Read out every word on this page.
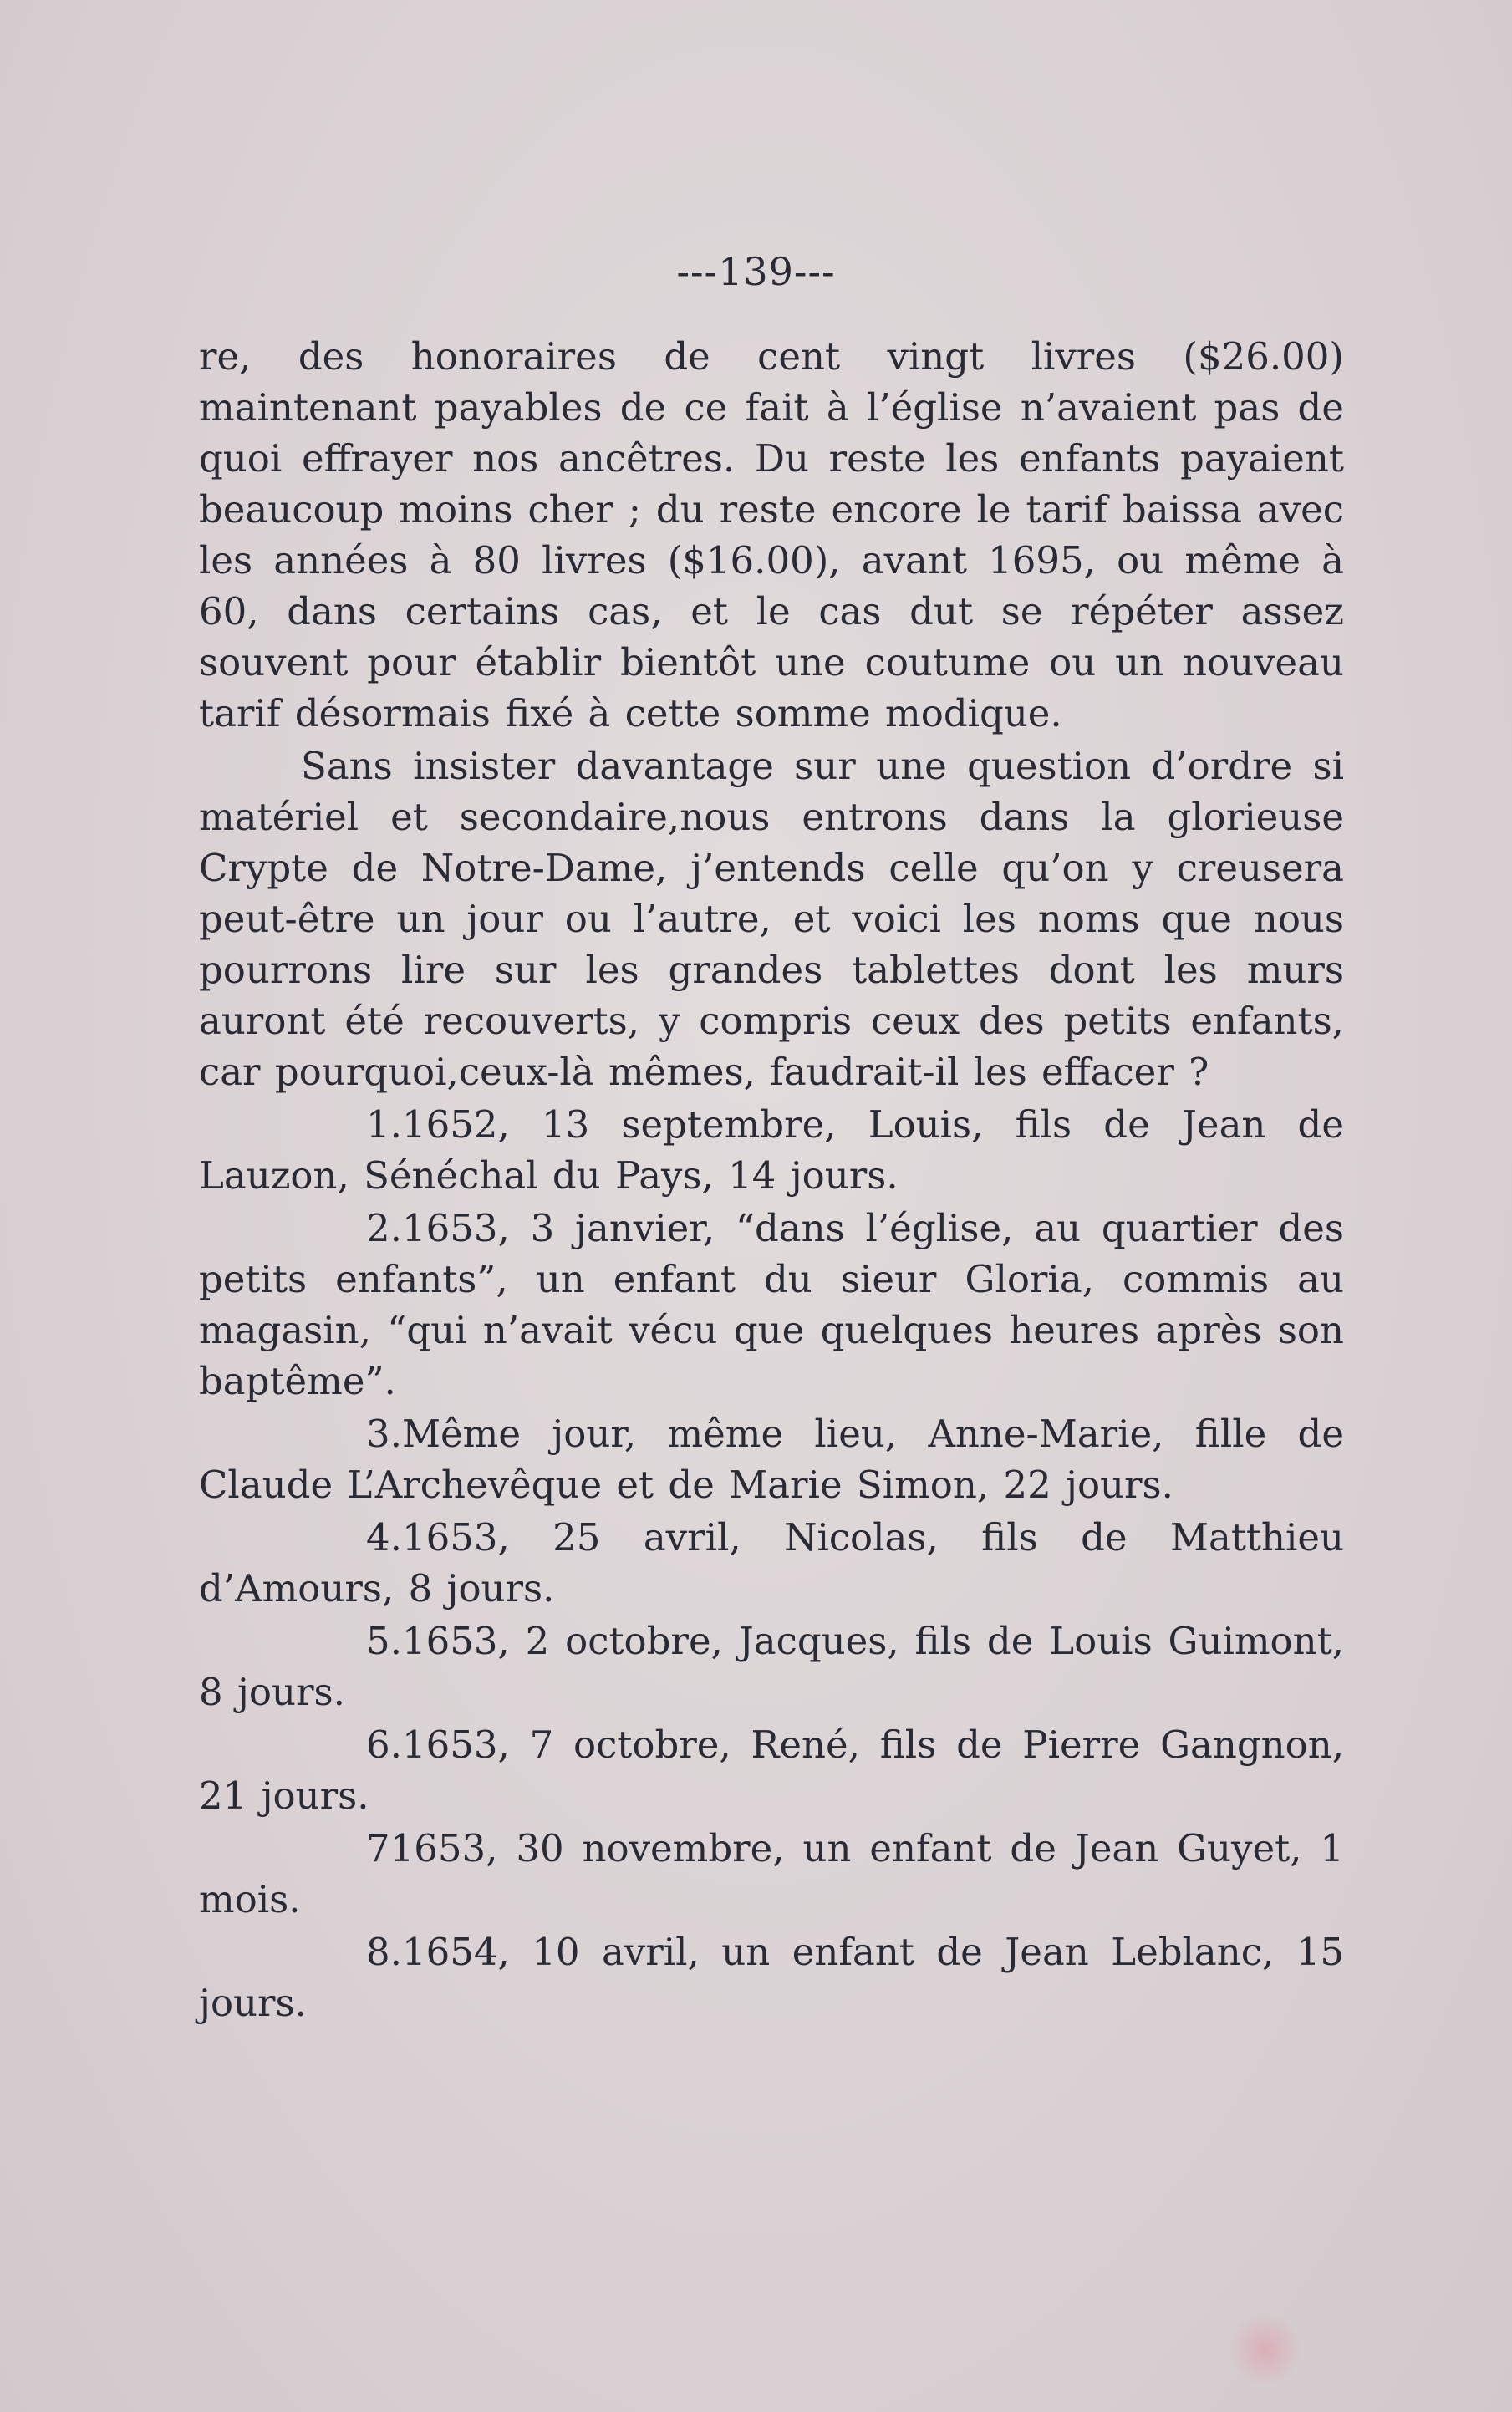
---139---

re, des honoraires de cent vingt livres ($26.00) maintenant payables de ce fait à l’église n’avaient pas de quoi effrayer nos ancêtres. Du reste les enfants payaient beaucoup moins cher ; du reste encore le tarif baissa avec les années à 80 livres ($16.00), avant 1695, ou même à 60, dans certains cas, et le cas dut se répéter assez souvent pour établir bientôt une coutume ou un nouveau tarif désormais fixé à cette somme modique.

Sans insister davantage sur une question d’ordre si matériel et secondaire,nous entrons dans la glorieuse Crypte de Notre-Dame, j’entends celle qu’on y creusera peut-être un jour ou l’autre, et voici les noms que nous pourrons lire sur les grandes tablettes dont les murs auront été recouverts, y compris ceux des petits enfants, car pourquoi,ceux-là mêmes, faudrait-il les effacer ?

1.1652, 13 septembre, Louis, fils de Jean de Lauzon, Sénéchal du Pays, 14 jours.

2.1653, 3 janvier, “dans l’église, au quartier des petits enfants”, un enfant du sieur Gloria, commis au magasin, “qui n’avait vécu que quelques heures après son baptême”.

3.Même jour, même lieu, Anne-Marie, fille de Claude L’Archevêque et de Marie Simon, 22 jours.

4.1653, 25 avril, Nicolas, fils de Matthieu d’Amours, 8 jours.

5.1653, 2 octobre, Jacques, fils de Louis Guimont, 8 jours.

6.1653, 7 octobre, René, fils de Pierre Gangnon, 21 jours.

71653, 30 novembre, un enfant de Jean Guyet, 1 mois.

8.1654, 10 avril, un enfant de Jean Leblanc, 15 jours.
